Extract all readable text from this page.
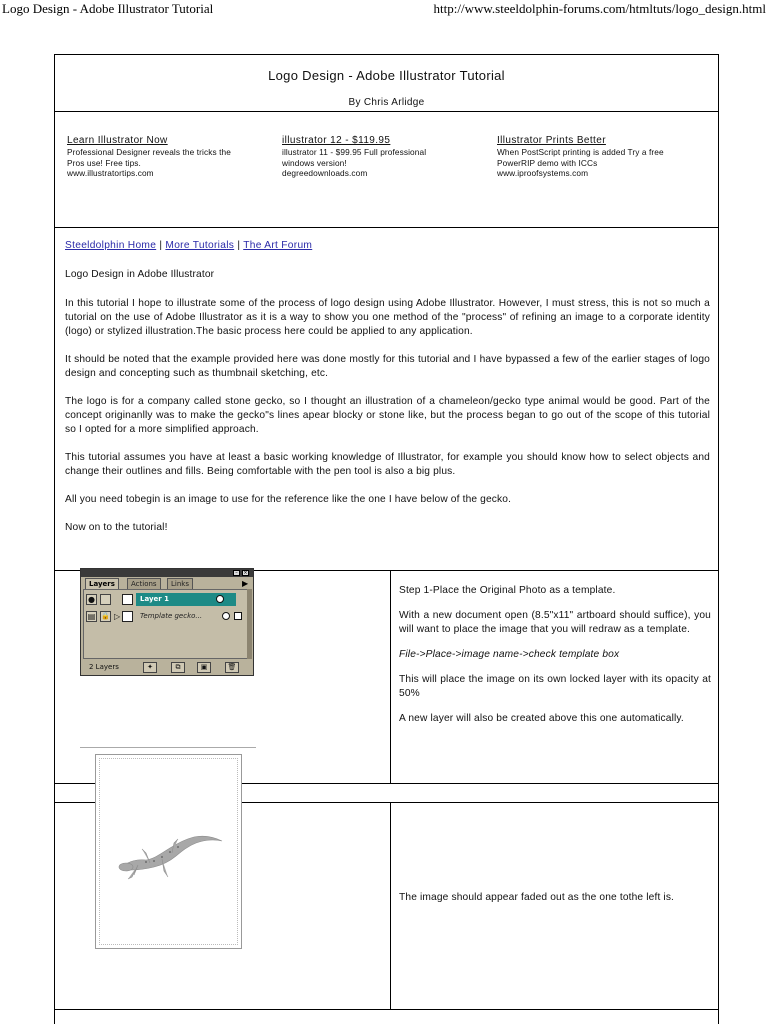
Logo Design - Adobe Illustrator Tutorial	http://www.steeldolphin-forums.com/htmltuts/logo_design.html
Logo Design - Adobe Illustrator Tutorial
By Chris Arlidge
Learn Illustrator Now
Professional Designer reveals the tricks the
Pros use! Free tips.
www.illustratortips.com
illustrator 12 - $119.95
illustrator 11 - $99.95 Full professional
windows version!
degreedownloads.com
Illustrator Prints Better
When PostScript printing is added Try a free
PowerRIP demo with ICCs
www.iproofsystems.com
Steeldolphin Home | More Tutorials | The Art Forum

Logo Design in Adobe Illustrator

In this tutorial I hope to illustrate some of the process of logo design using Adobe Illustrator. However, I must stress, this is not so much a tutorial on the use of Adobe Illustrator as it is a way to show you one method of the "process" of refining an image to a corporate identity (logo) or stylized illustration.The basic process here could be applied to any application.

It should be noted that the example provided here was done mostly for this tutorial and I have bypassed a few of the earlier stages of logo design and concepting such as thumbnail sketching, etc.

The logo is for a company called stone gecko, so I thought an illustration of a chameleon/gecko type animal would be good. Part of the concept originanlly was to make the gecko"s lines apear blocky or stone like, but the process began to go out of the scope of this tutorial so I opted for a more simplified approach.

This tutorial assumes you have at least a basic working knowledge of Illustrator, for example you should know how to select objects and change their outlines and fills. Being comfortable with the pen tool is also a big plus.

All you need tobegin is an image to use for the reference like the one I have below of the gecko.

Now on to the tutorial!

Step 1-Place the Original Photo as a template.

With a new document open (8.5"x11" artboard should suffice), you will want to place the image that you will redraw as a template.

File->Place->image name->check template box

This will place the image on its own locked layer with its opacity at 50%

A new layer will also be created above this one automatically.

The image should appear faded out as the one tothe left is.

–	×
Layers	Actions	Links	▶
●	Layer 1
▤ 🔒 ▷	Template gecko...
2 Layers	✦	⧉	▣	🗑
